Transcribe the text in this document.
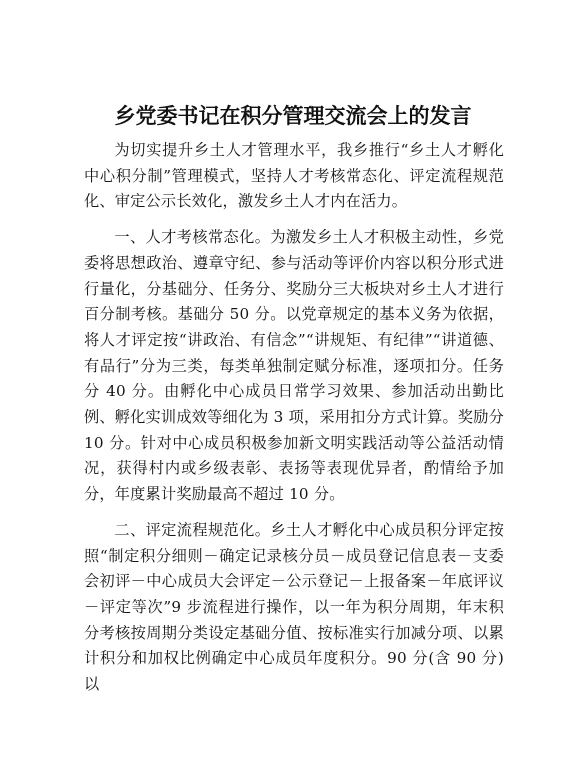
乡党委书记在积分管理交流会上的发言

为切实提升乡土人才管理水平，我乡推行“乡土人才孵化中心积分制”管理模式，坚持人才考核常态化、评定流程规范化、审定公示长效化，激发乡土人才内在活力。

一、人才考核常态化。为激发乡土人才积极主动性，乡党委将思想政治、遵章守纪、参与活动等评价内容以积分形式进行量化，分基础分、任务分、奖励分三大板块对乡土人才进行百分制考核。基础分 50 分。以党章规定的基本义务为依据，将人才评定按“讲政治、有信念”“讲规矩、有纪律”“讲道德、有品行”分为三类，每类单独制定赋分标准，逐项扣分。任务分 40 分。由孵化中心成员日常学习效果、参加活动出勤比例、孵化实训成效等细化为 3 项，采用扣分方式计算。奖励分 10 分。针对中心成员积极参加新文明实践活动等公益活动情况，获得村内或乡级表彰、表扬等表现优异者，酌情给予加分，年度累计奖励最高不超过 10 分。

二、评定流程规范化。乡土人才孵化中心成员积分评定按照“制定积分细则－确定记录核分员－成员登记信息表－支委会初评－中心成员大会评定－公示登记－上报备案－年底评议－评定等次”9 步流程进行操作，以一年为积分周期，年末积分考核按周期分类设定基础分值、按标准实行加减分项、以累计积分和加权比例确定中心成员年度积分。90 分(含 90 分)以
